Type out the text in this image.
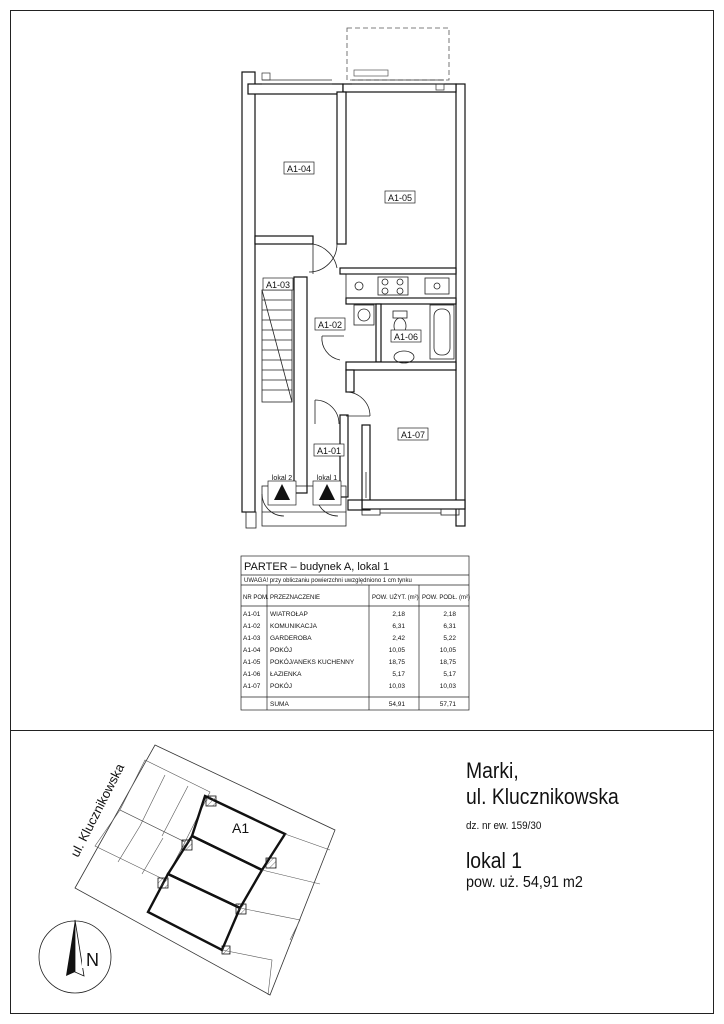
A1-04
A1-05
A1-03
A1-02
A1-06
A1-07
A1-01
lokal 2	lokal 1
PARTER – budynek A, lokal 1
UWAGA! przy obliczaniu powierzchni uwzględniono 1 cm tynku
NR POM. PRZEZNACZENIE	POW. UŻYT. (m²) POW. PODŁ. (m²)
A1-01 WIATROŁAP	2,18	2,18
A1-02 KOMUNIKACJA	6,31	6,31
A1-03 GARDEROBA	2,42	5,22
A1-04 POKÓJ	10,05	10,05
A1-05 POKÓJ/ANEKS KUCHENNY	18,75	18,75
A1-06 ŁAZIENKA	5,17	5,17
A1-07 POKÓJ	10,03	10,03
SUMA	54,91	57,71
ul. Klucznikowska	A1
N
Marki,
ul. Klucznikowska
dz. nr ew. 159/30
lokal 1
pow. uż. 54,91 m2
